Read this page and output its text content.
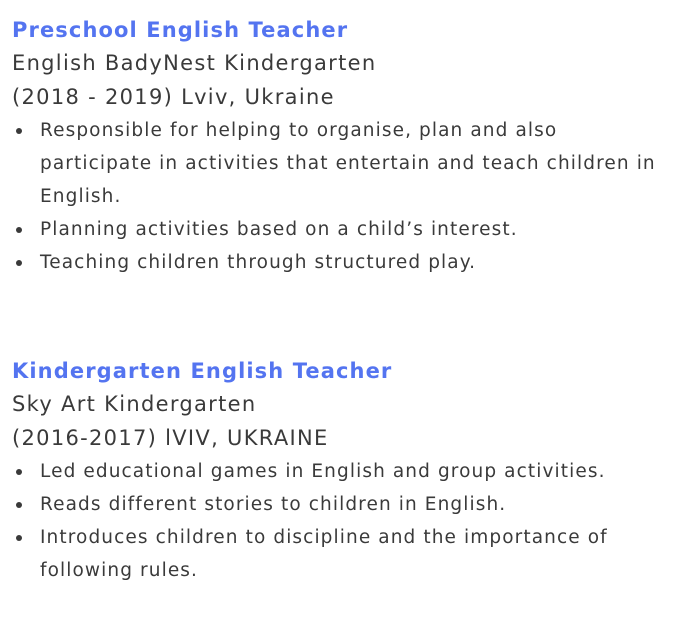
Preschool English Teacher
English BadyNest Kindergarten
(2018 - 2019) Lviv, Ukraine
Responsible for helping to organise, plan and also participate in activities that entertain and teach children in English.
Planning activities based on a child’s interest.
Teaching children through structured play.
Kindergarten English Teacher
Sky Art Kindergarten
(2016-2017) lVIV, UKRAINE
Led educational games in English and group activities.
Reads different stories to children in English.
Introduces children to discipline and the importance of following rules.
